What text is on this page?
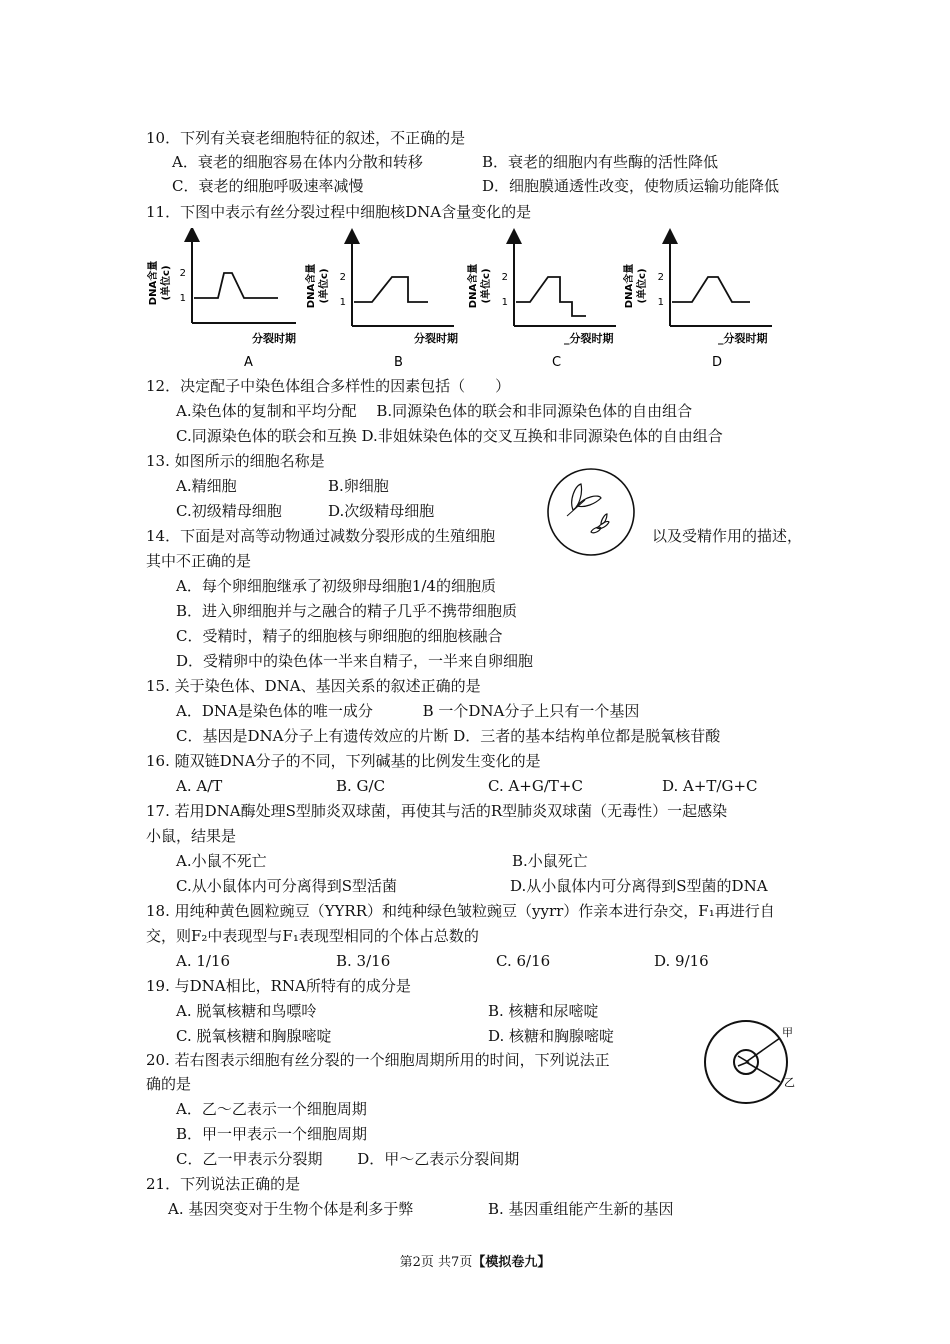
10．下列有关衰老细胞特征的叙述，不正确的是
A．衰老的细胞容易在体内分散和转移	B．衰老的细胞内有些酶的活性降低
C．衰老的细胞呼吸速率减慢	D．细胞膜通透性改变，使物质运输功能降低
11．下图中表示有丝分裂过程中细胞核DNA含量变化的是
2
1
DNA含量 (单位c)
分裂时期
A
2
1
DNA含量 (单位c)
分裂时期
B
2
1
DNA含量 (单位c)
_分裂时期
C
2
1
DNA含量 (单位c)
_分裂时期
D
12．决定配子中染色体组合多样性的因素包括（　　）
A.染色体的复制和平均分配　 B.同源染色体的联会和非同源染色体的自由组合
C.同源染色体的联会和互换 D.非姐妹染色体的交叉互换和非同源染色体的自由组合
13. 如图所示的细胞名称是
A.精细胞	B.卵细胞
C.初级精母细胞	D.次级精母细胞
14．下面是对高等动物通过减数分裂形成的生殖细胞	以及受精作用的描述，
其中不正确的是
A．每个卵细胞继承了初级卵母细胞1/4的细胞质
B．进入卵细胞并与之融合的精子几乎不携带细胞质
C．受精时，精子的细胞核与卵细胞的细胞核融合
D．受精卵中的染色体一半来自精子，一半来自卵细胞
15. 关于染色体、DNA、基因关系的叙述正确的是
A．DNA是染色体的唯一成分　　　 B 一个DNA分子上只有一个基因
C．基因是DNA分子上有遗传效应的片断 D．三者的基本结构单位都是脱氧核苷酸
16. 随双链DNA分子的不同，下列碱基的比例发生变化的是
A. A/T	B. G/C	C. A+G/T+C	D. A+T/G+C
17. 若用DNA酶处理S型肺炎双球菌，再使其与活的R型肺炎双球菌（无毒性）一起感染
小鼠，结果是
A.小鼠不死亡	B.小鼠死亡
C.从小鼠体内可分离得到S型活菌	D.从小鼠体内可分离得到S型菌的DNA
18. 用纯种黄色圆粒豌豆（YYRR）和纯种绿色皱粒豌豆（yyrr）作亲本进行杂交，F₁再进行自
交，则F₂中表现型与F₁表现型相同的个体占总数的
A. 1/16	B. 3/16	C. 6/16	D. 9/16
19. 与DNA相比，RNA所特有的成分是
A. 脱氧核糖和鸟嘌呤	B. 核糖和尿嘧啶
C. 脱氧核糖和胸腺嘧啶	D. 核糖和胸腺嘧啶	甲
乙
20. 若右图表示细胞有丝分裂的一个细胞周期所用的时间，下列说法正
确的是
A．乙～乙表示一个细胞周期
B．甲一甲表示一个细胞周期
C．乙一甲表示分裂期　　 D．甲～乙表示分裂间期
21．下列说法正确的是
A. 基因突变对于生物个体是利多于弊	B. 基因重组能产生新的基因
第2页 共7页【模拟卷九】
